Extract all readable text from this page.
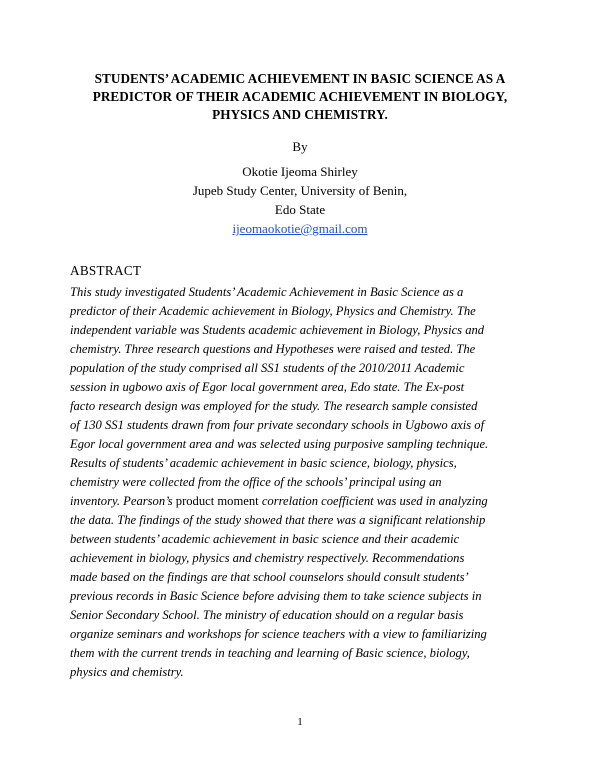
STUDENTS’ ACADEMIC ACHIEVEMENT IN BASIC SCIENCE AS A
PREDICTOR OF THEIR ACADEMIC ACHIEVEMENT IN BIOLOGY,
PHYSICS AND CHEMISTRY.
By
Okotie Ijeoma Shirley
Jupeb Study Center, University of Benin,
Edo State
ijeomaokotie@gmail.com
ABSTRACT
This study investigated Students’ Academic Achievement in Basic Science as a
predictor of their Academic achievement in Biology, Physics and Chemistry. The
independent variable was Students academic achievement in Biology, Physics and
chemistry. Three research questions and Hypotheses were raised and tested. The
population of the study comprised all SS1 students of the 2010/2011 Academic
session in ugbowo axis of Egor local government area, Edo state. The Ex-post
facto research design was employed for the study. The research sample consisted
of 130 SS1 students drawn from four private secondary schools in Ugbowo axis of
Egor local government area and was selected using purposive sampling technique.
Results of students’ academic achievement in basic science, biology, physics,
chemistry were collected from the office of the schools’ principal using an
inventory. Pearson’s product moment correlation coefficient was used in analyzing
the data. The findings of the study showed that there was a significant relationship
between students’ academic achievement in basic science and their academic
achievement in biology, physics and chemistry respectively. Recommendations
made based on the findings are that school counselors should consult students’
previous records in Basic Science before advising them to take science subjects in
Senior Secondary School. The ministry of education should on a regular basis
organize seminars and workshops for science teachers with a view to familiarizing
them with the current trends in teaching and learning of Basic science, biology,
physics and chemistry.
1
